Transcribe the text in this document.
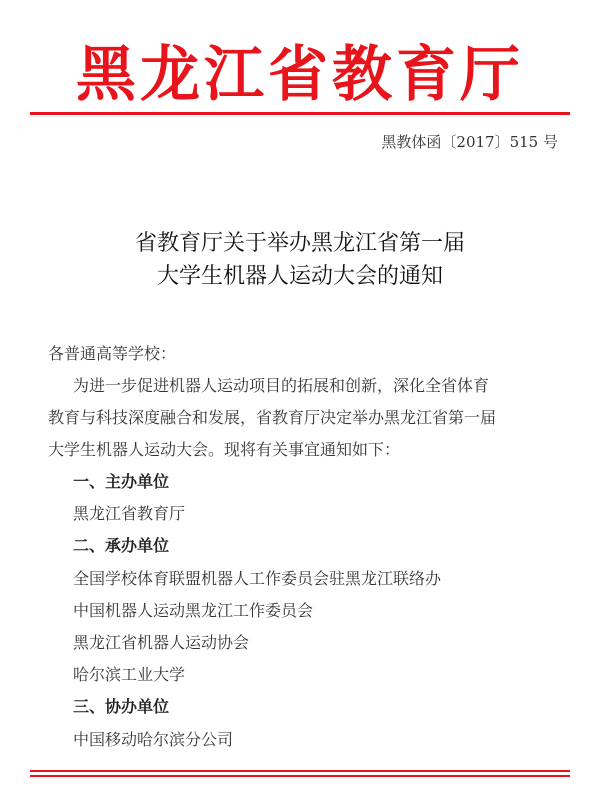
黑龙江省教育厅
黑教体函〔2017〕515 号
省教育厅关于举办黑龙江省第一届
大学生机器人运动大会的通知
各普通高等学校：
为进一步促进机器人运动项目的拓展和创新，深化全省体育
教育与科技深度融合和发展，省教育厅决定举办黑龙江省第一届
大学生机器人运动大会。现将有关事宜通知如下：
一、主办单位
黑龙江省教育厅
二、承办单位
全国学校体育联盟机器人工作委员会驻黑龙江联络办
中国机器人运动黑龙江工作委员会
黑龙江省机器人运动协会
哈尔滨工业大学
三、协办单位
中国移动哈尔滨分公司
